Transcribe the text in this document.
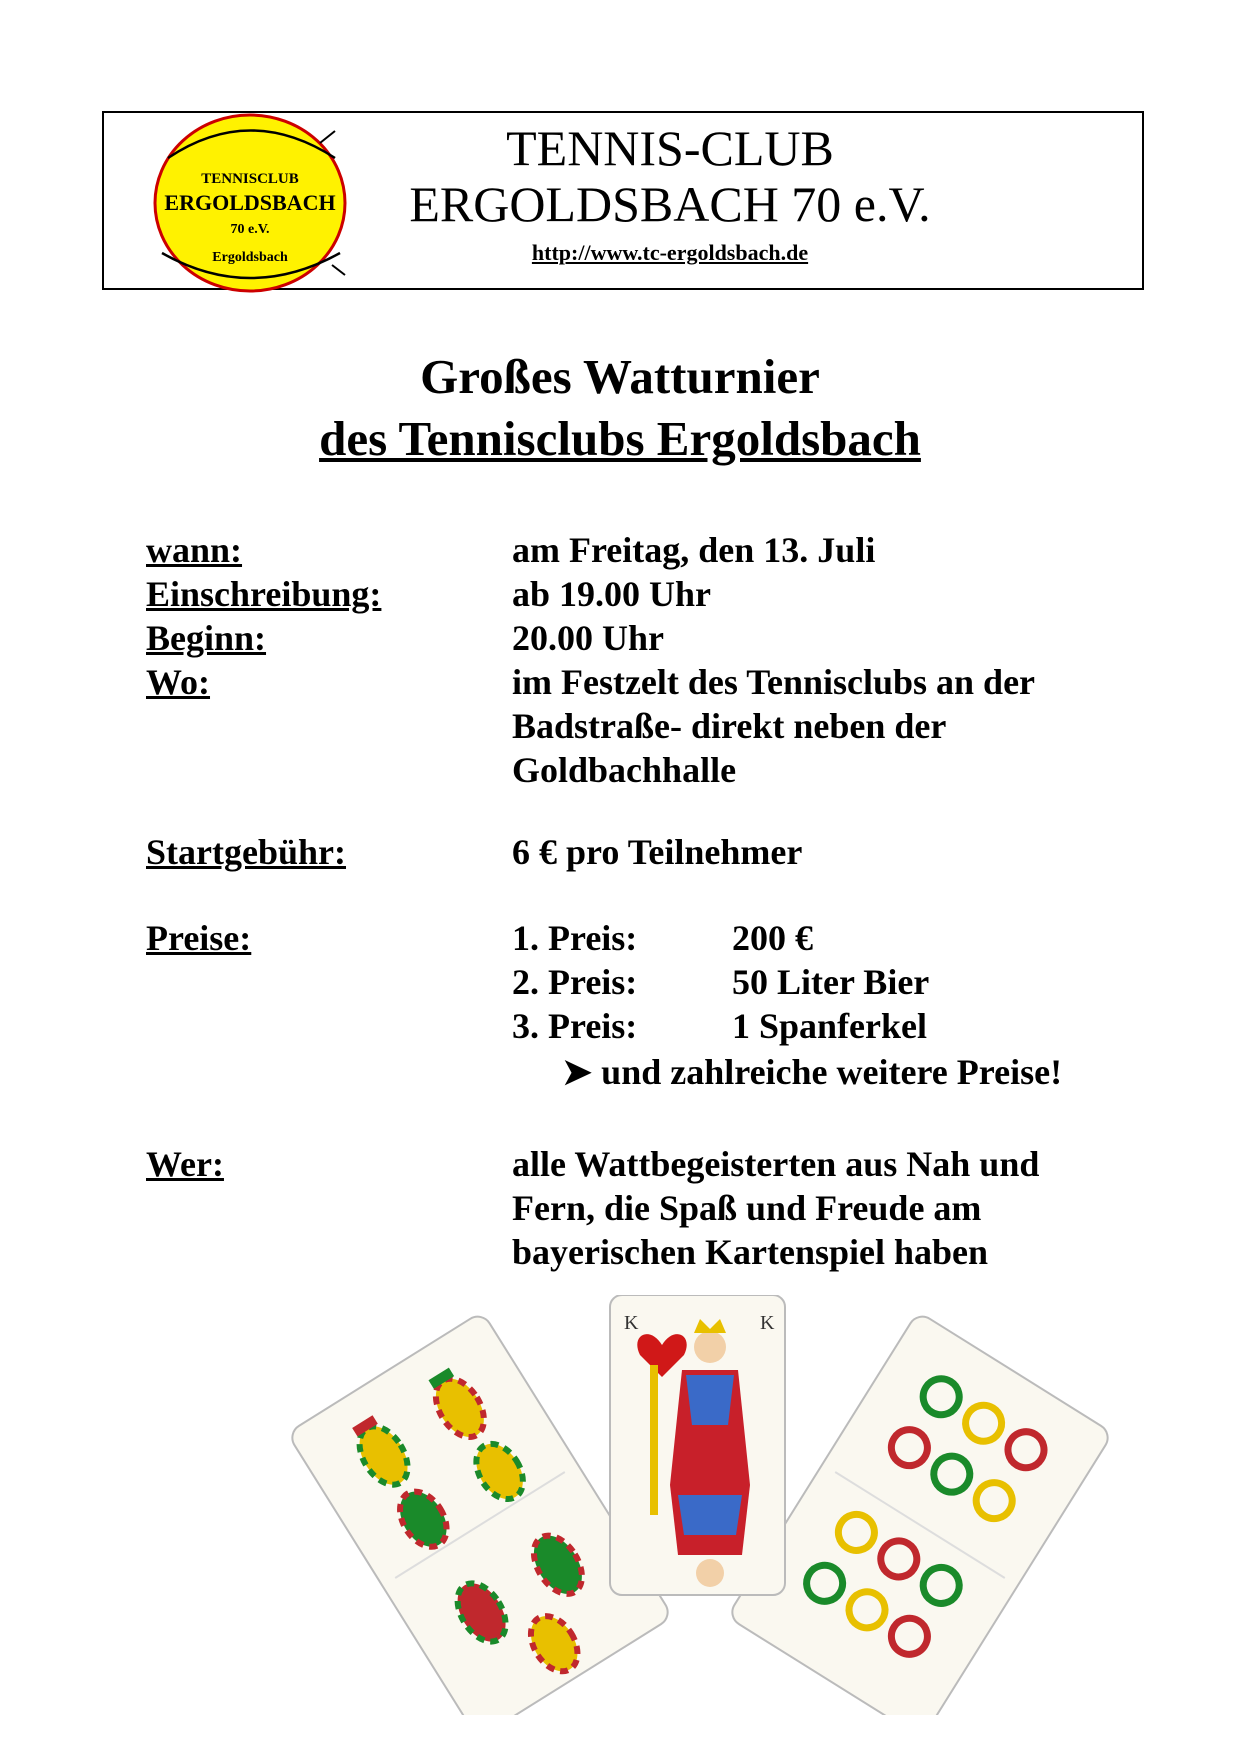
TENNISCLUB
ERGOLDSBACH
70 e.V.
Ergoldsbach
TENNIS-CLUB
ERGOLDSBACH 70 e.V.
http://www.tc-ergoldsbach.de
Großes Watturnier
des Tennisclubs Ergoldsbach
wann:	am Freitag, den 13. Juli
Einschreibung:	ab 19.00 Uhr
Beginn:	20.00 Uhr
Wo:	im Festzelt des Tennisclubs an der
Badstraße- direkt neben der
Goldbachhalle
Startgebühr:	6 € pro Teilnehmer
Preise:	1. Preis:	200 €
2. Preis:	50 Liter Bier
3. Preis:	1 Spanferkel
➤ und zahlreiche weitere Preise!
Wer:	alle Wattbegeisterten aus Nah und
Fern, die Spaß und Freude am
bayerischen Kartenspiel haben
K	K
